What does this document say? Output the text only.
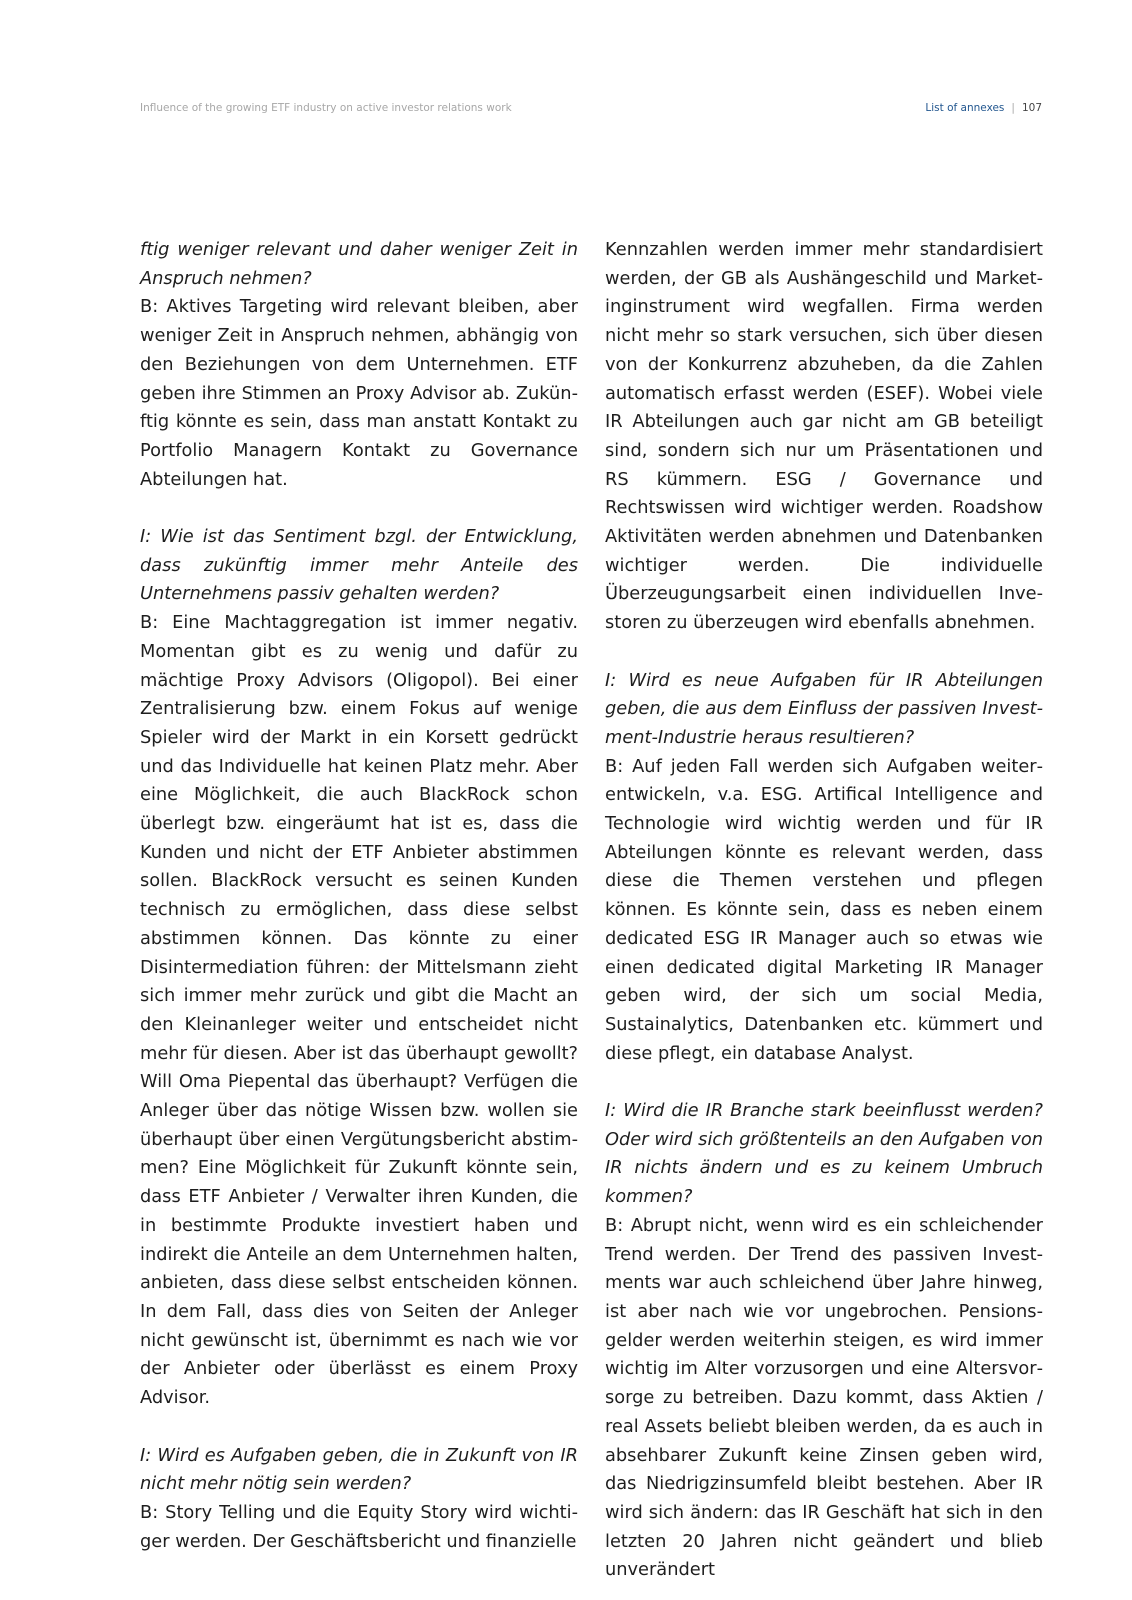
Influence of the growing ETF industry on active investor relations work	List of annexes | 107

ftig weniger relevant und daher weniger Zeit in Anspruch nehmen?

B: Aktives Targeting wird relevant bleiben, aber weniger Zeit in Anspruch nehmen, abhängig von den Beziehungen von dem Unternehmen. ETF geben ihre Stimmen an Proxy Advisor ab. Zukünftig könnte es sein, dass man anstatt Kontakt zu Portfolio Managern Kontakt zu Governance Abteilungen hat.

I: Wie ist das Sentiment bzgl. der Entwicklung, dass zukünftig immer mehr Anteile des Unternehmens passiv gehalten werden?

B: Eine Machtaggregation ist immer negativ. Momentan gibt es zu wenig und dafür zu mächtige Proxy Advisors (Oligopol). Bei einer Zentralisierung bzw. einem Fokus auf wenige Spieler wird der Markt in ein Korsett gedrückt und das Individuelle hat keinen Platz mehr. Aber eine Möglichkeit, die auch BlackRock schon überlegt bzw. eingeräumt hat ist es, dass die Kunden und nicht der ETF Anbieter abstimmen sollen. BlackRock versucht es seinen Kunden technisch zu ermöglichen, dass diese selbst abstimmen können. Das könnte zu einer Disintermediation führen: der Mittelsmann zieht sich immer mehr zurück und gibt die Macht an den Kleinanleger weiter und entscheidet nicht mehr für diesen. Aber ist das überhaupt gewollt? Will Oma Piepental das überhaupt? Verfügen die Anleger über das nötige Wissen bzw. wollen sie überhaupt über einen Vergütungsbericht abstimmen? Eine Möglichkeit für Zukunft könnte sein, dass ETF Anbieter / Verwalter ihren Kunden, die in bestimmte Produkte investiert haben und indirekt die Anteile an dem Unternehmen halten, anbieten, dass diese selbst entscheiden können. In dem Fall, dass dies von Seiten der Anleger nicht gewünscht ist, übernimmt es nach wie vor der Anbieter oder überlässt es einem Proxy Advisor.

I: Wird es Aufgaben geben, die in Zukunft von IR nicht mehr nötig sein werden?

B: Story Telling und die Equity Story wird wichtiger werden. Der Geschäftsbericht und finanzielle

Kennzahlen werden immer mehr standardisiert werden, der GB als Aushängeschild und Marketinginstrument wird wegfallen. Firma werden nicht mehr so stark versuchen, sich über diesen von der Konkurrenz abzuheben, da die Zahlen automatisch erfasst werden (ESEF). Wobei viele IR Abteilungen auch gar nicht am GB beteiligt sind, sondern sich nur um Präsentationen und RS kümmern. ESG / Governance und Rechtswissen wird wichtiger werden. Roadshow Aktivitäten werden abnehmen und Datenbanken wichtiger werden. Die individuelle Überzeugungsarbeit einen individuellen Investoren zu überzeugen wird ebenfalls abnehmen.

I: Wird es neue Aufgaben für IR Abteilungen geben, die aus dem Einfluss der passiven Investment-Industrie heraus resultieren?

B: Auf jeden Fall werden sich Aufgaben weiterentwickeln, v.a. ESG. Artifical Intelligence and Technologie wird wichtig werden und für IR Abteilungen könnte es relevant werden, dass diese die Themen verstehen und pflegen können. Es könnte sein, dass es neben einem dedicated ESG IR Manager auch so etwas wie einen dedicated digital Marketing IR Manager geben wird, der sich um social Media, Sustainalytics, Datenbanken etc. kümmert und diese pflegt, ein database Analyst.

I: Wird die IR Branche stark beeinflusst werden? Oder wird sich größtenteils an den Aufgaben von IR nichts ändern und es zu keinem Umbruch kommen?

B: Abrupt nicht, wenn wird es ein schleichender Trend werden. Der Trend des passiven Investments war auch schleichend über Jahre hinweg, ist aber nach wie vor ungebrochen. Pensionsgelder werden weiterhin steigen, es wird immer wichtig im Alter vorzusorgen und eine Altersvorsorge zu betreiben. Dazu kommt, dass Aktien / real Assets beliebt bleiben werden, da es auch in absehbarer Zukunft keine Zinsen geben wird, das Niedrigzinsumfeld bleibt bestehen. Aber IR wird sich ändern: das IR Geschäft hat sich in den letzten 20 Jahren nicht geändert und blieb unverändert
